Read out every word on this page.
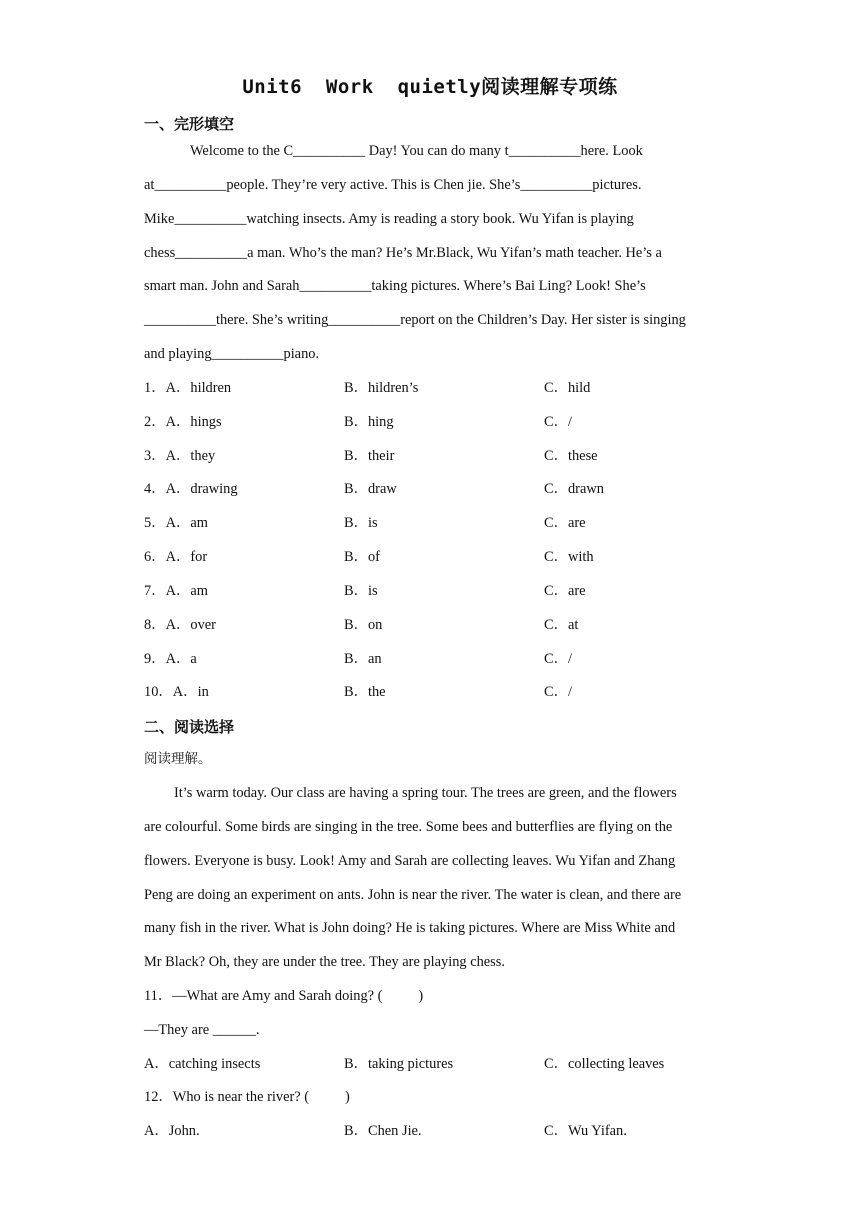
Unit6  Work  quietly阅读理解专项练
一、完形填空
Welcome to the C__________ Day! You can do many t__________here. Look
at__________people. They’re very active. This is Chen jie. She’s__________pictures.
Mike__________watching insects. Amy is reading a story book. Wu Yifan is playing
chess__________a man. Who’s the man? He’s Mr.Black, Wu Yifan’s math teacher. He’s a
smart man. John and Sarah__________taking pictures. Where’s Bai Ling? Look! She’s
__________there. She’s writing__________report on the Children’s Day. Her sister is singing
and playing__________piano.
1．A．hildren	B．hildren’s	C．hild
2．A．hings	B．hing	C．/
3．A．they	B．their	C．these
4．A．drawing	B．draw	C．drawn
5．A．am	B．is	C．are
6．A．for	B．of	C．with
7．A．am	B．is	C．are
8．A．over	B．on	C．at
9．A．a	B．an	C．/
10．A．in	B．the	C．/
二、阅读选择
阅读理解。
It’s warm today. Our class are having a spring tour. The trees are green, and the flowers
are colourful. Some birds are singing in the tree. Some bees and butterflies are flying on the
flowers. Everyone is busy. Look! Amy and Sarah are collecting leaves. Wu Yifan and Zhang
Peng are doing an experiment on ants. John is near the river. The water is clean, and there are
many fish in the river. What is John doing? He is taking pictures. Where are Miss White and
Mr Black? Oh, they are under the tree. They are playing chess.
11．—What are Amy and Sarah doing? (          )
—They are ______.
A．catching insects	B．taking pictures	C．collecting leaves
12．Who is near the river? (          )
A．John.	B．Chen Jie.	C．Wu Yifan.
